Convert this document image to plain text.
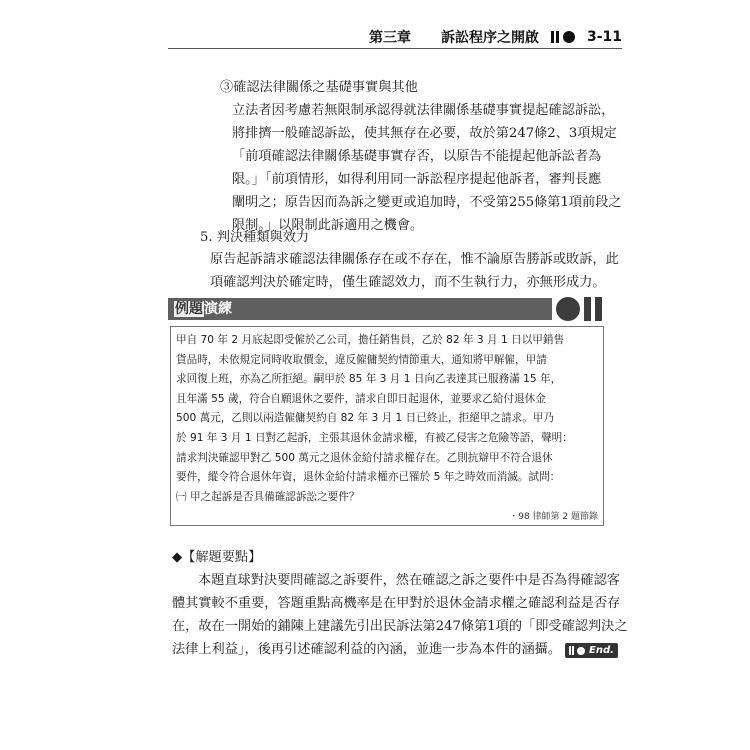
第三章 訴訟程序之開啟	3-11
③確認法律關係之基礎事實與其他
立法者因考慮若無限制承認得就法律關係基礎事實提起確認訴訟，
將排擠一般確認訴訟，使其無存在必要，故於第247條2、3項規定
「前項確認法律關係基礎事實存否，以原告不能提起他訴訟者為
限。」「前項情形，如得利用同一訴訟程序提起他訴者，審判長應
闡明之；原告因而為訴之變更或追加時，不受第255條第1項前段之
限制。」以限制此訴適用之機會。
5. 判決種類與效力
原告起訴請求確認法律關係存在或不存在，惟不論原告勝訴或敗訴，此
項確認判決於確定時，僅生確認效力，而不生執行力，亦無形成力。
例題演練
甲自 70 年 2 月底起即受僱於乙公司，擔任銷售員，乙於 82 年 3 月 1 日以甲銷售
貨品時，未依規定同時收取價金，違反僱傭契約情節重大，通知將甲解僱，甲請
求回復上班，亦為乙所拒絕。嗣甲於 85 年 3 月 1 日向乙表達其已服務滿 15 年，
且年滿 55 歲，符合自願退休之要件，請求自即日起退休，並要求乙給付退休金
500 萬元，乙則以兩造僱傭契約自 82 年 3 月 1 日已終止，拒絕甲之請求。甲乃
於 91 年 3 月 1 日對乙起訴，主張其退休金請求權，有被乙侵害之危險等語，聲明：
請求判決確認甲對乙 500 萬元之退休金給付請求權存在。乙則抗辯甲不符合退休
要件，縱令符合退休年資，退休金給付請求權亦已罹於 5 年之時效而消滅。試問：
㈠ 甲之起訴是否具備確認訴訟之要件？
・98 律師第 2 題節錄
◆【解題要點】
本題直球對決要問確認之訴要件，然在確認之訴之要件中是否為得確認客
體其實較不重要，答題重點高機率是在甲對於退休金請求權之確認利益是否存
在，故在一開始的鋪陳上建議先引出民訴法第247條第1項的「即受確認判決之
法律上利益」，後再引述確認利益的內涵，並進一步為本件的涵攝。	End.
